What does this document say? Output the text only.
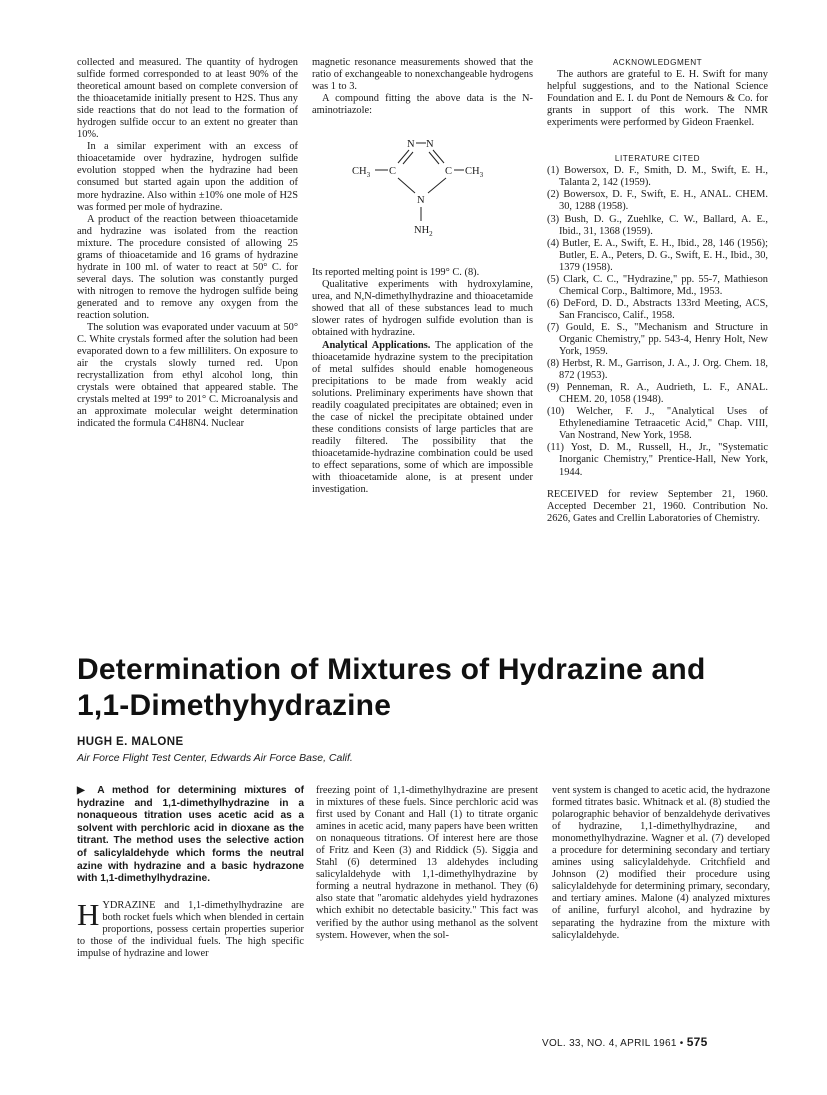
collected and measured. The quantity of hydrogen sulfide formed corresponded to at least 90% of the theoretical amount based on complete conversion of the thioacetamide initially present to H2S. Thus any side reactions that do not lead to the formation of hydrogen sulfide occur to an extent no greater than 10%.

In a similar experiment with an excess of thioacetamide over hydrazine, hydrogen sulfide evolution stopped when the hydrazine had been consumed but started again upon the addition of more hydrazine. Also within ±10% one mole of H2S was formed per mole of hydrazine.

A product of the reaction between thioacetamide and hydrazine was isolated from the reaction mixture. The procedure consisted of allowing 25 grams of thioacetamide and 16 grams of hydrazine hydrate in 100 ml. of water to react at 50° C. for several days. The solution was constantly purged with nitrogen to remove the hydrogen sulfide being generated and to remove any oxygen from the reaction solution.

The solution was evaporated under vacuum at 50° C. White crystals formed after the solution had been evaporated down to a few milliliters. On exposure to air the crystals slowly turned red. Upon recrystallization from ethyl alcohol long, thin crystals were obtained that appeared stable. The crystals melted at 199° to 201° C. Microanalysis and an approximate molecular weight determination indicated the formula C4H8N4. Nuclear

magnetic resonance measurements showed that the ratio of exchangeable to nonexchangeable hydrogens was 1 to 3.

A compound fitting the above data is the N-aminotriazole:

N N
$CH_3$ C	C $CH_3$
N
$NH_2$

Its reported melting point is 199° C. (8).

Qualitative experiments with hydroxylamine, urea, and N,N-dimethylhydrazine and thioacetamide showed that all of these substances lead to much slower rates of hydrogen sulfide evolution than is obtained with hydrazine.

Analytical Applications. The application of the thioacetamide hydrazine system to the precipitation of metal sulfides should enable homogeneous precipitations to be made from weakly acid solutions. Preliminary experiments have shown that readily coagulated precipitates are obtained; even in the case of nickel the precipitate obtained under these conditions consists of large particles that are readily filtered. The possibility that the thioacetamide-hydrazine combination could be used to effect separations, some of which are impossible with thioacetamide alone, is at present under investigation.

ACKNOWLEDGMENT

The authors are grateful to E. H. Swift for many helpful suggestions, and to the National Science Foundation and E. I. du Pont de Nemours & Co. for grants in support of this work. The NMR experiments were performed by Gideon Fraenkel.

LITERATURE CITED

(1) Bowersox, D. F., Smith, D. M., Swift, E. H., Talanta 2, 142 (1959).

(2) Bowersox, D. F., Swift, E. H., ANAL. CHEM. 30, 1288 (1958).

(3) Bush, D. G., Zuehlke, C. W., Ballard, A. E., Ibid., 31, 1368 (1959).

(4) Butler, E. A., Swift, E. H., Ibid., 28, 146 (1956); Butler, E. A., Peters, D. G., Swift, E. H., Ibid., 30, 1379 (1958).

(5) Clark, C. C., "Hydrazine," pp. 55-7, Mathieson Chemical Corp., Baltimore, Md., 1953.

(6) DeFord, D. D., Abstracts 133rd Meeting, ACS, San Francisco, Calif., 1958.

(7) Gould, E. S., "Mechanism and Structure in Organic Chemistry," pp. 543-4, Henry Holt, New York, 1959.

(8) Herbst, R. M., Garrison, J. A., J. Org. Chem. 18, 872 (1953).

(9) Penneman, R. A., Audrieth, L. F., ANAL. CHEM. 20, 1058 (1948).

(10) Welcher, F. J., "Analytical Uses of Ethylenediamine Tetraacetic Acid," Chap. VIII, Van Nostrand, New York, 1958.

(11) Yost, D. M., Russell, H., Jr., "Systematic Inorganic Chemistry," Prentice-Hall, New York, 1944.

RECEIVED for review September 21, 1960. Accepted December 21, 1960. Contribution No. 2626, Gates and Crellin Laboratories of Chemistry.

Determination of Mixtures of Hydrazine and
1,1-Dimethyhydrazine

HUGH E. MALONE

Air Force Flight Test Center, Edwards Air Force Base, Calif.

▶ A method for determining mixtures of hydrazine and 1,1-dimethylhydrazine in a nonaqueous titration uses acetic acid as a solvent with perchloric acid in dioxane as the titrant. The method uses the selective action of salicylaldehyde which forms the neutral azine with hydrazine and a basic hydrazone with 1,1-dimethylhydrazine.

HYDRAZINE and 1,1-dimethylhydrazine are both rocket fuels which when blended in certain proportions, possess certain properties superior to those of the individual fuels. The high specific impulse of hydrazine and lower

freezing point of 1,1-dimethylhydrazine are present in mixtures of these fuels. Since perchloric acid was first used by Conant and Hall (1) to titrate organic amines in acetic acid, many papers have been written on nonaqueous titrations. Of interest here are those of Fritz and Keen (3) and Riddick (5). Siggia and Stahl (6) determined 13 aldehydes including salicylaldehyde with 1,1-dimethylhydrazine by forming a neutral hydrazone in methanol. They (6) also state that "aromatic aldehydes yield hydrazones which exhibit no detectable basicity." This fact was verified by the author using methanol as the solvent system. However, when the sol-

vent system is changed to acetic acid, the hydrazone formed titrates basic. Whitnack et al. (8) studied the polarographic behavior of benzaldehyde derivatives of hydrazine, 1,1-dimethylhydrazine, and monomethylhydrazine. Wagner et al. (7) developed a procedure for determining secondary and tertiary amines using salicylaldehyde. Critchfield and Johnson (2) modified their procedure using salicylaldehyde for determining primary, secondary, and tertiary amines. Malone (4) analyzed mixtures of aniline, furfuryl alcohol, and hydrazine by separating the hydrazine from the mixture with salicylaldehyde.

VOL. 33, NO. 4, APRIL 1961 • 575
